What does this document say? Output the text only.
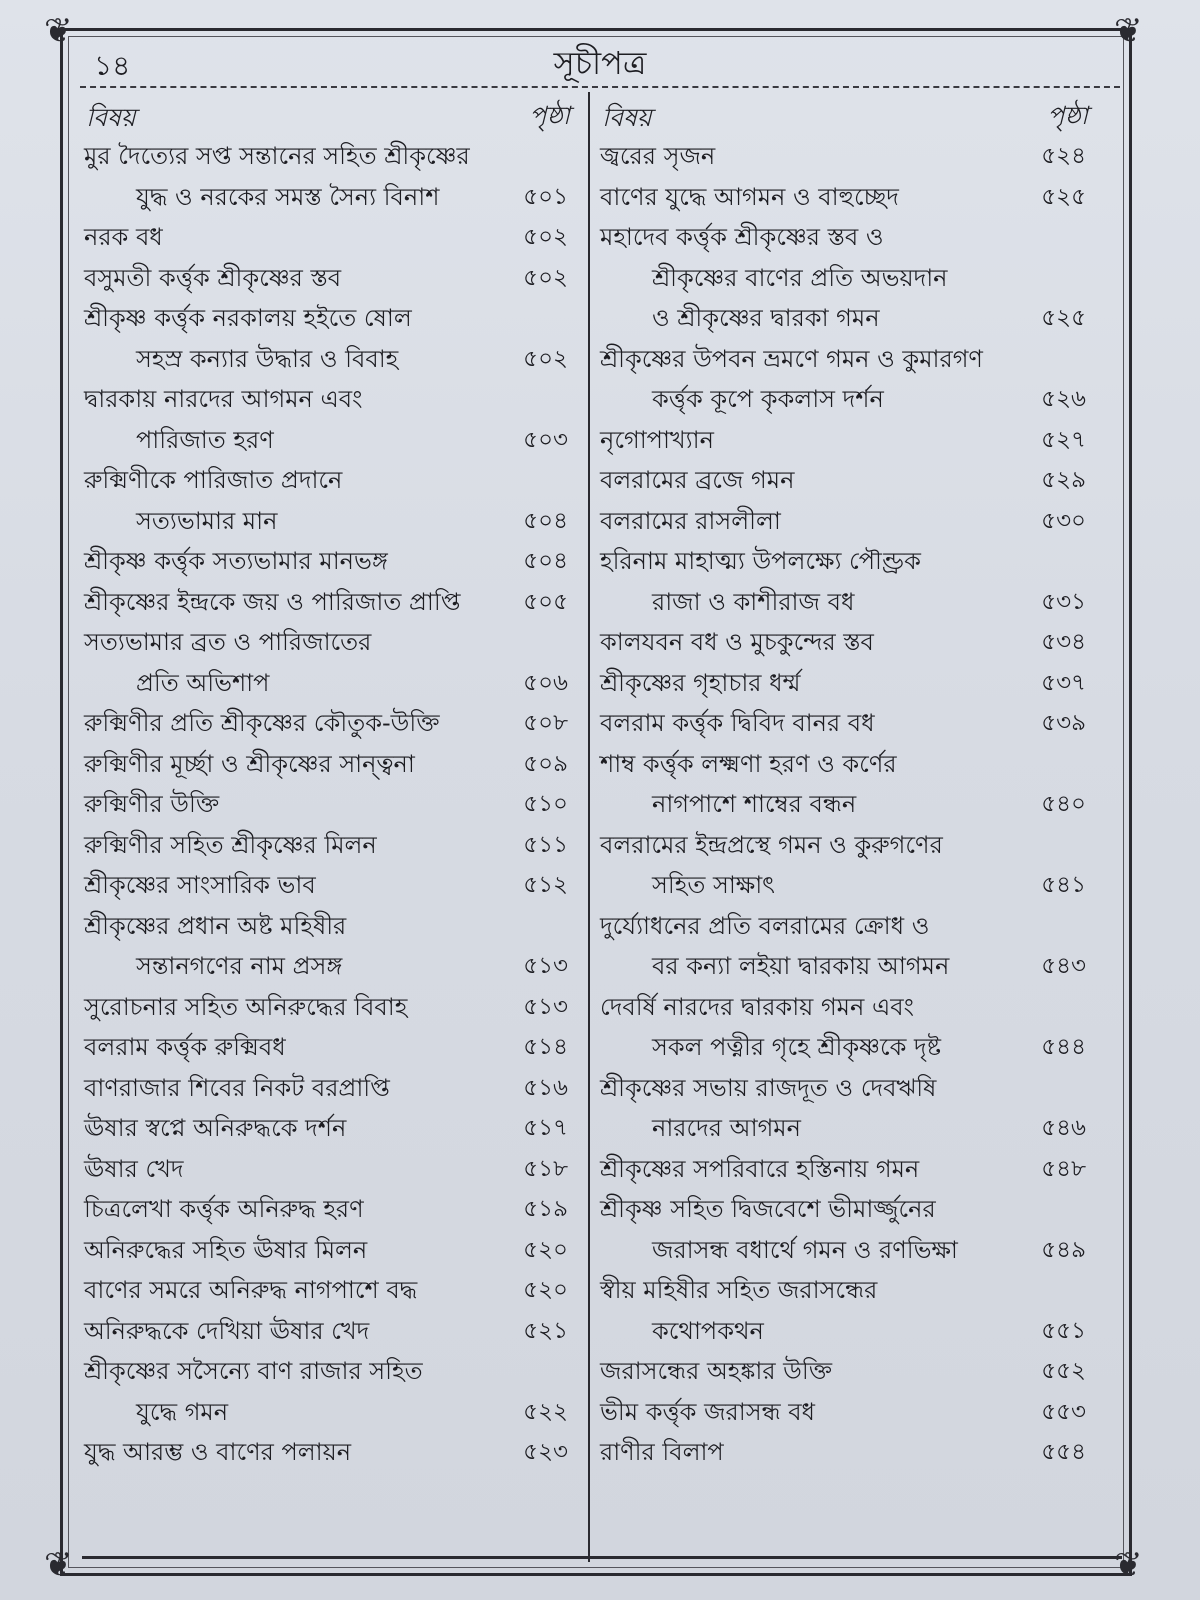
❦	❦
❦	❦
১৪	সূচীপত্র
বিষয়	পৃষ্ঠা
মুর দৈত্যের সপ্ত সন্তানের সহিত শ্রীকৃষ্ণের
যুদ্ধ ও নরকের সমস্ত সৈন্য বিনাশ	৫০১
নরক বধ	৫০২
বসুমতী কর্ত্তৃক শ্রীকৃষ্ণের স্তব	৫০২
শ্রীকৃষ্ণ কর্ত্তৃক নরকালয় হইতে ষোল
সহস্র কন্যার উদ্ধার ও বিবাহ	৫০২
দ্বারকায় নারদের আগমন এবং
পারিজাত হরণ	৫০৩
রুক্মিণীকে পারিজাত প্রদানে
সত্যভামার মান	৫০৪
শ্রীকৃষ্ণ কর্ত্তৃক সত্যভামার মানভঙ্গ	৫০৪
শ্রীকৃষ্ণের ইন্দ্রকে জয় ও পারিজাত প্রাপ্তি	৫০৫
সত্যভামার ব্রত ও পারিজাতের
প্রতি অভিশাপ	৫০৬
রুক্মিণীর প্রতি শ্রীকৃষ্ণের কৌতুক-উক্তি	৫০৮
রুক্মিণীর মূর্চ্ছা ও শ্রীকৃষ্ণের সান্ত্বনা	৫০৯
রুক্মিণীর উক্তি	৫১০
রুক্মিণীর সহিত শ্রীকৃষ্ণের মিলন	৫১১
শ্রীকৃষ্ণের সাংসারিক ভাব	৫১২
শ্রীকৃষ্ণের প্রধান অষ্ট মহিষীর
সন্তানগণের নাম প্রসঙ্গ	৫১৩
সুরোচনার সহিত অনিরুদ্ধের বিবাহ	৫১৩
বলরাম কর্ত্তৃক রুক্মিবধ	৫১৪
বাণরাজার শিবের নিকট বরপ্রাপ্তি	৫১৬
ঊষার স্বপ্নে অনিরুদ্ধকে দর্শন	৫১৭
ঊষার খেদ	৫১৮
চিত্রলেখা কর্ত্তৃক অনিরুদ্ধ হরণ	৫১৯
অনিরুদ্ধের সহিত ঊষার মিলন	৫২০
বাণের সমরে অনিরুদ্ধ নাগপাশে বদ্ধ	৫২০
অনিরুদ্ধকে দেখিয়া ঊষার খেদ	৫২১
শ্রীকৃষ্ণের সসৈন্যে বাণ রাজার সহিত
যুদ্ধে গমন	৫২২
যুদ্ধ আরম্ভ ও বাণের পলায়ন	৫২৩
বিষয়	পৃষ্ঠা
জ্বরের সৃজন	৫২৪
বাণের যুদ্ধে আগমন ও বাহুচ্ছেদ	৫২৫
মহাদেব কর্ত্তৃক শ্রীকৃষ্ণের স্তব ও
শ্রীকৃষ্ণের বাণের প্রতি অভয়দান
ও শ্রীকৃষ্ণের দ্বারকা গমন	৫২৫
শ্রীকৃষ্ণের উপবন ভ্রমণে গমন ও কুমারগণ
কর্ত্তৃক কূপে কৃকলাস দর্শন	৫২৬
নৃগোপাখ্যান	৫২৭
বলরামের ব্রজে গমন	৫২৯
বলরামের রাসলীলা	৫৩০
হরিনাম মাহাত্ম্য উপলক্ষ্যে পৌণ্ড্রক
রাজা ও কাশীরাজ বধ	৫৩১
কালযবন বধ ও মুচকুন্দের স্তব	৫৩৪
শ্রীকৃষ্ণের গৃহাচার ধর্ম্ম	৫৩৭
বলরাম কর্ত্তৃক দ্বিবিদ বানর বধ	৫৩৯
শাম্ব কর্ত্তৃক লক্ষ্মণা হরণ ও কর্ণের
নাগপাশে শাম্বের বন্ধন	৫৪০
বলরামের ইন্দ্রপ্রস্থে গমন ও কুরুগণের
সহিত সাক্ষাৎ	৫৪১
দুর্য্যোধনের প্রতি বলরামের ক্রোধ ও
বর কন্যা লইয়া দ্বারকায় আগমন	৫৪৩
দেবর্ষি নারদের দ্বারকায় গমন এবং
সকল পত্নীর গৃহে শ্রীকৃষ্ণকে দৃষ্ট	৫৪৪
শ্রীকৃষ্ণের সভায় রাজদূত ও দেবঋষি
নারদের আগমন	৫৪৬
শ্রীকৃষ্ণের সপরিবারে হস্তিনায় গমন	৫৪৮
শ্রীকৃষ্ণ সহিত দ্বিজবেশে ভীমার্জ্জুনের
জরাসন্ধ বধার্থে গমন ও রণভিক্ষা	৫৪৯
স্বীয় মহিষীর সহিত জরাসন্ধের
কথোপকথন	৫৫১
জরাসন্ধের অহঙ্কার উক্তি	৫৫২
ভীম কর্ত্তৃক জরাসন্ধ বধ	৫৫৩
রাণীর বিলাপ	৫৫৪
